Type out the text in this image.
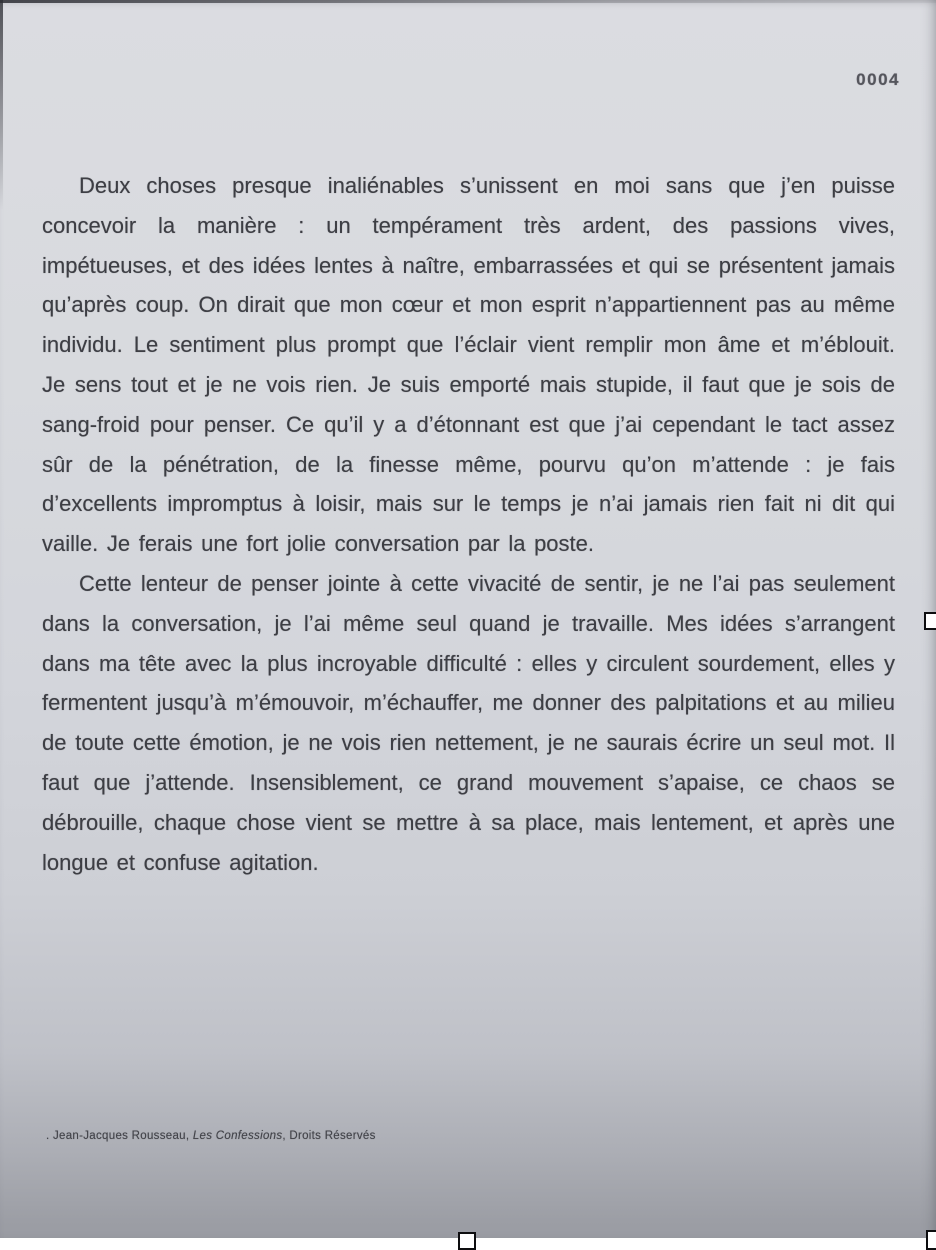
0004

Deux choses presque inaliénables s’unissent en moi sans que j’en puisse concevoir la manière : un tempérament très ardent, des passions vives, impétueuses, et des idées lentes à naître, embarrassées et qui se présentent jamais qu’après coup. On dirait que mon cœur et mon esprit n’appartiennent pas au même individu. Le sentiment plus prompt que l’éclair vient remplir mon âme et m’éblouit. Je sens tout et je ne vois rien. Je suis emporté mais stupide, il faut que je sois de sang-froid pour penser. Ce qu’il y a d’étonnant est que j’ai cependant le tact assez sûr de la pénétration, de la finesse même, pourvu qu’on m’attende : je fais d’excellents impromptus à loisir, mais sur le temps je n’ai jamais rien fait ni dit qui vaille. Je ferais une fort jolie conversation par la poste.

Cette lenteur de penser jointe à cette vivacité de sentir, je ne l’ai pas seulement dans la conversation, je l’ai même seul quand je travaille. Mes idées s’arrangent dans ma tête avec la plus incroyable difficulté : elles y circulent sourdement, elles y fermentent jusqu’à m’émouvoir, m’échauffer, me donner des palpitations et au milieu de toute cette émotion, je ne vois rien nettement, je ne saurais écrire un seul mot. Il faut que j’attende. Insensiblement, ce grand mouvement s’apaise, ce chaos se débrouille, chaque chose vient se mettre à sa place, mais lentement, et après une longue et confuse agitation.

. Jean-Jacques Rousseau, Les Confessions, Droits Réservés
